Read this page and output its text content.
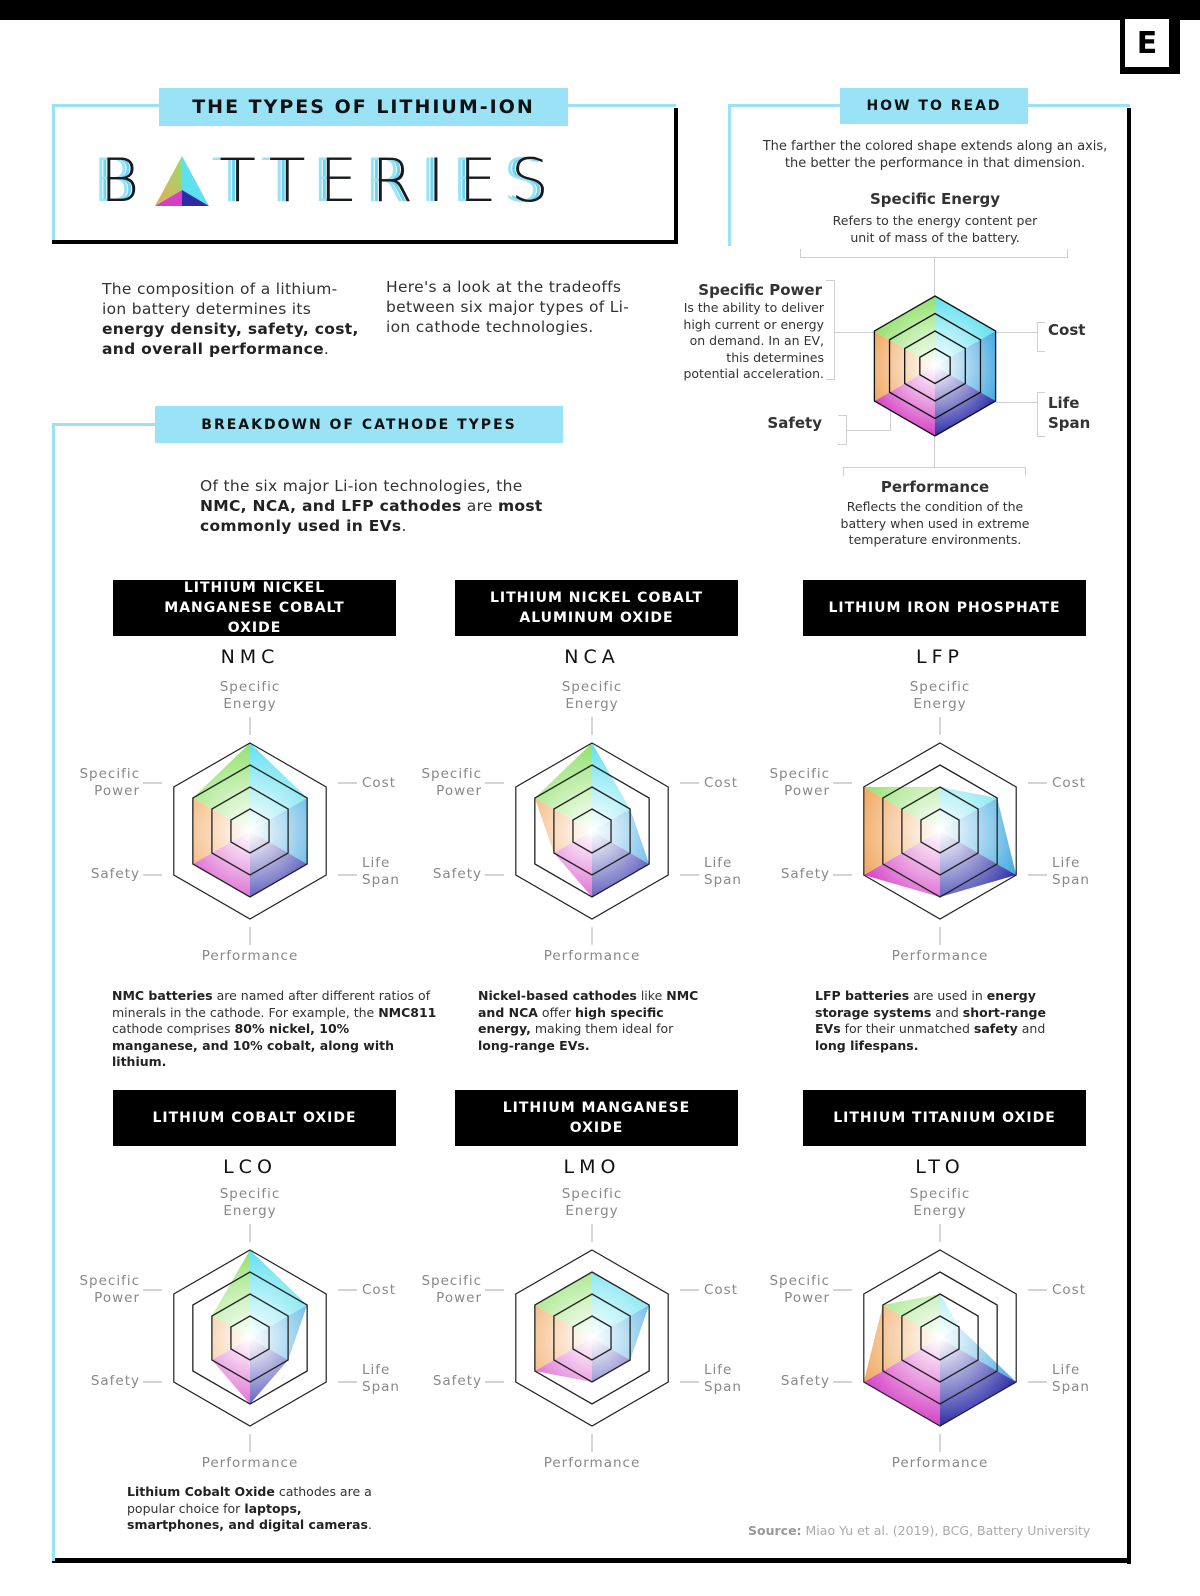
E
THE TYPES OF LITHIUM-ION
B TTERIES
The composition of a lithium-ion battery determines its energy density, safety, cost, and overall performance.
Here's a look at the tradeoffs between six major types of Li-ion cathode technologies.
HOW TO READ
The farther the colored shape extends along an axis, the better the performance in that dimension.
Specific Energy
Refers to the energy content per unit of mass of the battery.
Specific Power
Is the ability to deliver high current or energy on demand. In an EV, this determines potential acceleration.
Cost
Life Span
Safety
Performance
Reflects the condition of the battery when used in extreme temperature environments.
BREAKDOWN OF CATHODE TYPES
Of the six major Li-ion technologies, the NMC, NCA, and LFP cathodes are most commonly used in EVs.
LITHIUM NICKEL MANGANESE COBALT OXIDE
NMC
Specific
Energy
Specific
Power	Cost
Life
Span
Safety
Performance
NMC batteries are named after different ratios of minerals in the cathode. For example, the NMC811 cathode comprises 80% nickel, 10% manganese, and 10% cobalt, along with lithium.
LITHIUM NICKEL COBALT ALUMINUM OXIDE
NCA
Specific
Energy
Specific
Power	Cost
Life
Span
Safety
Performance
Nickel-based cathodes like NMC and NCA offer high specific energy, making them ideal for long-range EVs.
LITHIUM IRON PHOSPHATE
LFP
Specific
Energy
Specific
Power	Cost
Life
Span
Safety
Performance
LFP batteries are used in energy storage systems and short-range EVs for their unmatched safety and long lifespans.
LITHIUM COBALT OXIDE
LCO
Specific
Energy
Specific
Power	Cost
Life
Span
Safety
Performance
Lithium Cobalt Oxide cathodes are a popular choice for laptops, smartphones, and digital cameras.
LITHIUM MANGANESE OXIDE
LMO
Specific
Energy
Specific
Power	Cost
Life
Span
Safety
Performance
LITHIUM TITANIUM OXIDE
LTO
Specific
Energy
Specific
Power	Cost
Life
Span
Safety
Performance
Source: Miao Yu et al. (2019), BCG, Battery University
